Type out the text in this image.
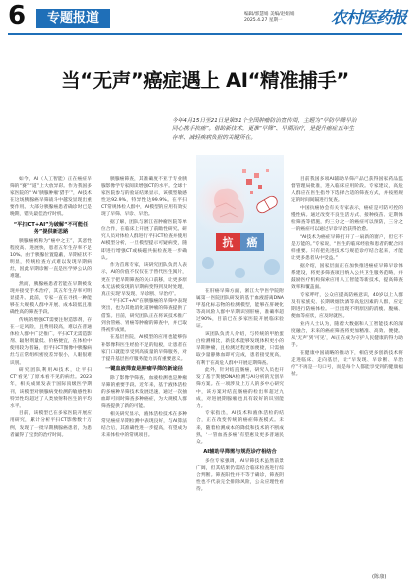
6	专题报道	编辑/郭慧娟 美编/赵娟娟
2025.4.27 星期一	农村医药报
当“无声”癌症遇上 AI“精准捕手”

今年4月15日至21日是第31个全国肿瘤防治宣传周，主题为“早防早筛早治 同心携手抗癌”。借助新技术，更准“早筛”、早期治疗，是提升癌症五年生存率、减轻疾病负担的关键所在。

抗 癌

如今，AI（人工智能）正在癌症早筛的“赛”“道”上大放异彩。作为我国多家医院的“‘AI’胰腺肿瘤‘猎手’”，AI技术在这场胰腺癌早筛战斗中越发显现出重要作用。大部分胰腺癌患者确诊时已是晚期，错失最佳治疗时机。

“平扫CT+AI”为破解“不可能任务”提供新思路

胰腺癌被称为“癌中之王”，其恶性程度高、进展快，患者五年生存率不足10%。由于胰腺位置隐蔽，早期症状不明显，传统检查方式难以发现早期病灶，因此早期诊断一直是医学界公认的难题。

然而，胰腺癌患者若能在早期被发现并接受手术治疗，其五年生存率可明显提升。此前，专家一直在寻找一种能够在大规模人群中开展、成本较低且准确性高的筛查手段。

传统的增强CT需要注射造影剂，存在一定风险，且费用较高，难以在普通体检人群中广泛推广。平扫CT无需造影剂、辐射剂量低、价格便宜，在体检中使用较为普遍，但平扫CT图像中胰腺病灶与正常组织密度差异很小，人眼很难识别。

研究团队利用AI技术，让平扫CT‘看见’了原本看不见的病灶。2023年，相关成果发表于国际顶级医学期刊，该模型对胰腺病变检测的敏感性和特异性均超过了人类放射科医生的平均水平。

目前，该模型已在多家医院开展应用研究，累计分析平扫CT影像数十万例，发现了一批早期胰腺癌患者，为患者赢得了宝贵的治疗时间。

胰腺癌筛查，其准确度不亚于专业胰腺影像学专家阅读增强CT的水平。全球十家医院参与的验证结果显示，该模型敏感性达92.9%，特异性达99.9%。在平扫CT常规体检人群中，AI模型的应用有效实现了早筛、早诊、早治。

据了解，团队与浙江省肿瘤医院等单位合作，在临床上开展了前瞻性研究。研究人员对体检人群进行平扫CT检查并使用AI模型分析，一旦模型提示可疑病变，随即进行增强CT或核磁共振检查进一步确认。

作为首席专家，该研究团队负责人表示，AI的价值不仅仅在于替代医生阅片，更在于把早期筛查的关口前移，让更多原本无法被发现的早期病变得到及时处理，真正实现‘早发现、早诊断、早治疗’。

“平扫CT+AI”在胰腺癌的早筛中表现突出，也为其他消化道肿瘤的筛查提供了借鉴。目前，研究团队正在将该技术推广到食管癌、胃癌等肿瘤的筛查中，并已取得初步成果。

在基层医院，AI模型的应用也能够弥补影像科医生经验不足的短板，让患者在家门口就能享受到高质量的早筛服务，对于提升基层医疗服务能力具有重要意义。

一键血液筛查是肿瘤早筛的新途径

除了影像学筛查，血液检测也是肿瘤早筛的重要手段。近年来，基于液体活检的多癌种早筛技术发展迅速，通过一次抽血即可同时筛查多种癌症，为大规模人群筛查提供了新的可能。

相关研究显示，液体活检技术在多种常见癌症早期检测中表现良好，与AI算法结合后，其准确性进一步提高，有望成为未来体检中的常规项目。

在肝癌早筛方面，浙江大学医学院附属第一医院团队研发的基于血液游离DNA甲基化标志物的检测模型，能够在肝硬化等高风险人群中早期识别肝癌，准确率超过90%，目前已在多家医院开展临床验证。

该团队负责人介绍，与传统的甲胎蛋白检测相比，新技术能够发现体积更小的早期肿瘤，且检测过程更加便捷，只需抽取少量静脉血即可完成，患者接受度高，有利于在高危人群中开展定期筛查。

此外，针对结直肠癌，研究人员也开发了基于粪便DNA检测与AI分析的无创早筛方案。在一项涉及上万人的多中心研究中，该方案对结直肠癌的检出率超过九成，对进展期腺瘤也具有较好的识别能力。

专家指出，AI技术和液体活检的结合，正在改变传统的癌症筛查模式。未来，随着检测成本的降低和技术的不断成熟，‘一管血查多癌’有望惠及更多普通民众。

AI辅助早筛需与规范诊疗相结合

多位专家强调，AI早筛技术虽然前景广阔，但其结果仍需结合临床检查进行综合判断。筛查阳性并不等于确诊，筛查阴性也不代表完全排除风险，公众应理性看待。

目前我国多项AI辅助早筛产品已获得国家药品监督管理局批准，进入临床应用阶段。专家建议，高危人群应在医生指导下选择合适的筛查方式，并按照规定的时间间隔进行复查。

中国抗癌协会有关专家表示，癌症是可防可控的慢性病。通过改变不良生活方式、接种疫苗、定期体检筛查等措施，约三分之一的癌症可以预防，三分之一的癌症可以通过早诊早治获得治愈。

“AI技术为癌症早筛打开了一扇新的窗户，但它不是万能的。”专家说，“医生的临床经验和患者的配合同样重要。只有把先进技术与规范诊疗结合起来，才能让更多患者从中受益。”

据介绍，国家层面正在加快推进癌症早筛早诊体系建设，将更多筛查项目纳入公共卫生服务范畴，并鼓励医疗机构探索应用人工智能等新技术，提高筛查效率和覆盖面。

专家呼吁，公众应提高防癌意识，40岁以上人群及有家族史、长期吸烟饮酒等高危因素的人群，应定期进行防癌体检。一旦出现不明原因的消瘦、腹痛、便血等症状，应及时就医。

业内人士认为，随着大数据和人工智能技术的深度融合，未来的癌症筛查将更加精准、高效、便捷。从‘无声’到‘可见’，AI正在成为守护人民健康的得力助手。

在健康中国战略的推动下，相信更多创新技术将走进临床、走向基层，让“早发现、早诊断、早治疗”不再是一句口号，而是每个人都能享受到的健康福祉。

(陈康)
